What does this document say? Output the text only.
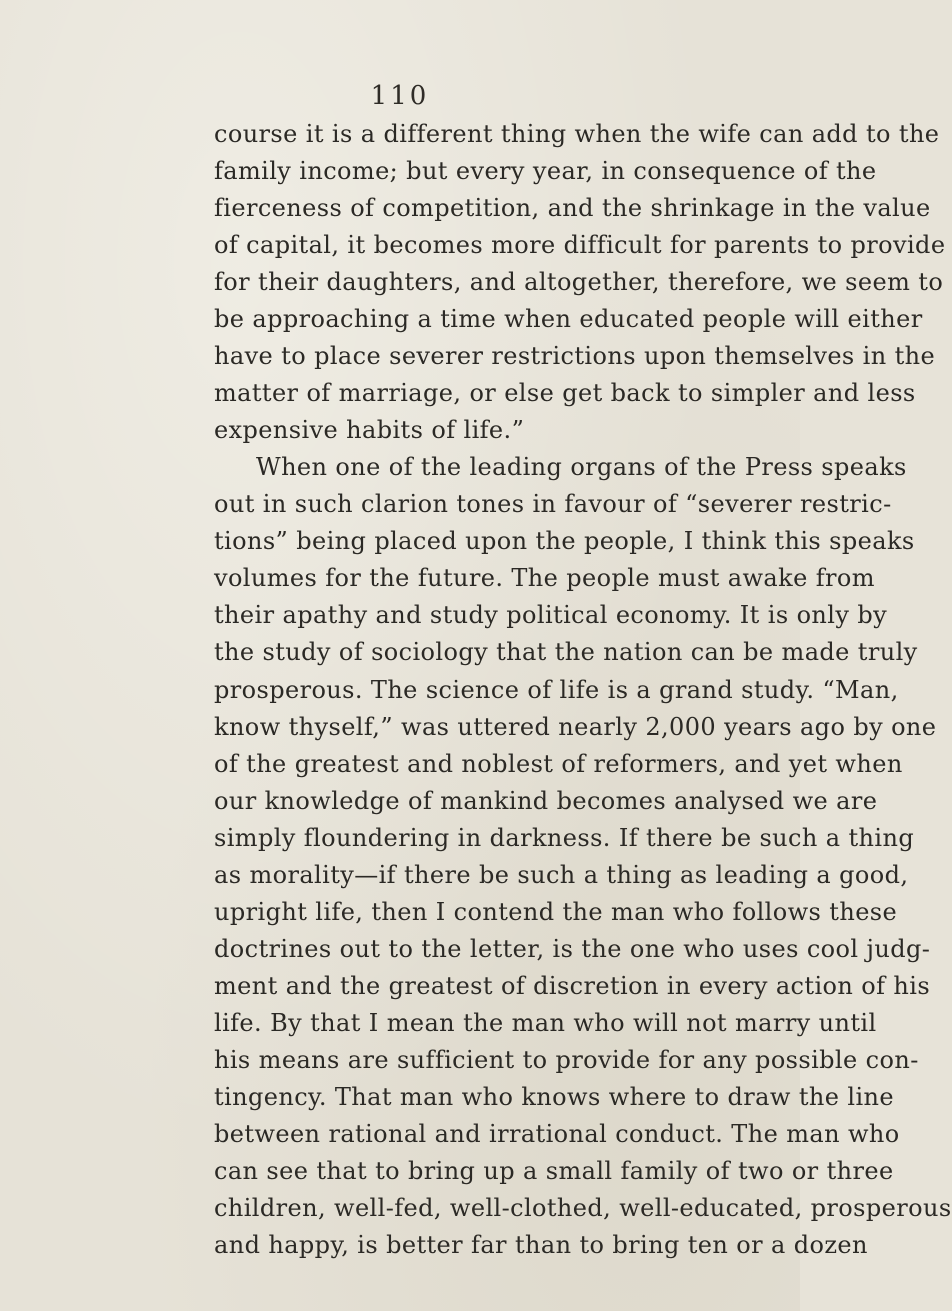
110
course it is a different thing when the wife can add to the
family income; but every year, in consequence of the
fierceness of competition, and the shrinkage in the value
of capital, it becomes more difficult for parents to provide
for their daughters, and altogether, therefore, we seem to
be approaching a time when educated people will either
have to place severer restrictions upon themselves in the
matter of marriage, or else get back to simpler and less
expensive habits of life.”
When one of the leading organs of the Press speaks
out in such clarion tones in favour of “severer restric-
tions” being placed upon the people, I think this speaks
volumes for the future. The people must awake from
their apathy and study political economy. It is only by
the study of sociology that the nation can be made truly
prosperous. The science of life is a grand study. “Man,
know thyself,” was uttered nearly 2,000 years ago by one
of the greatest and noblest of reformers, and yet when
our knowledge of mankind becomes analysed we are
simply floundering in darkness. If there be such a thing
as morality—if there be such a thing as leading a good,
upright life, then I contend the man who follows these
doctrines out to the letter, is the one who uses cool judg-
ment and the greatest of discretion in every action of his
life. By that I mean the man who will not marry until
his means are sufficient to provide for any possible con-
tingency. That man who knows where to draw the line
between rational and irrational conduct. The man who
can see that to bring up a small family of two or three
children, well-fed, well-clothed, well-educated, prosperous
and happy, is better far than to bring ten or a dozen
